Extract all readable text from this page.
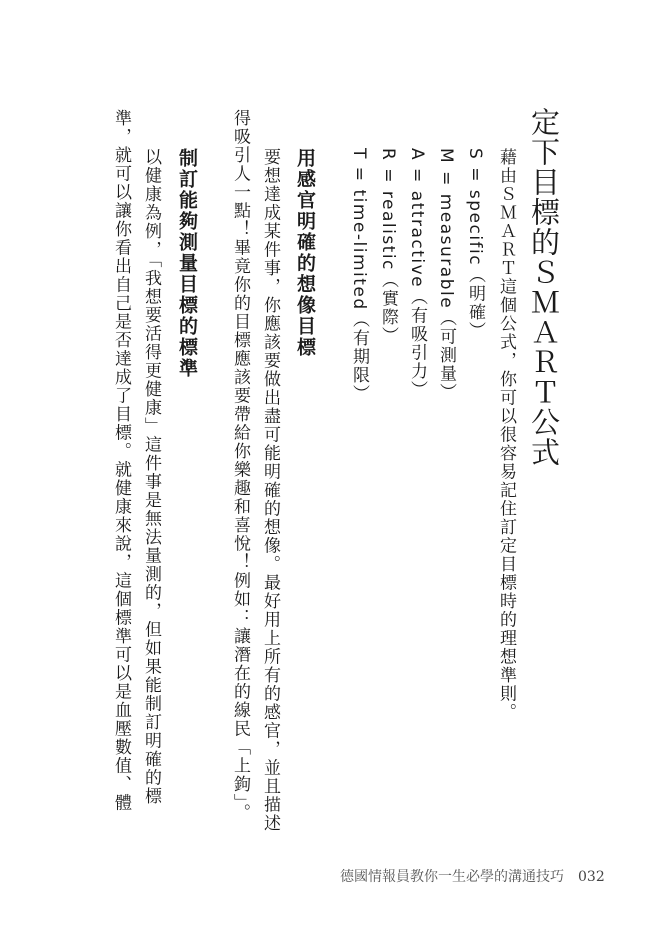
定下目標的ＳＭＡＲＴ公式
藉由ＳＭＡＲＴ這個公式，你可以很容易記住訂定目標時的理想準則。
S = specific（明確）
M = measurable（可測量）
A = attractive（有吸引力）
R = realistic（實際）
T = time-limited（有期限）
用感官明確的想像目標
要想達成某件事，你應該要做出盡可能明確的想像。最好用上所有的感官，並且描述
得吸引人一點！畢竟你的目標應該要帶給你樂趣和喜悅！例如：讓潛在的線民「上鉤」。
制訂能夠測量目標的標準
以健康為例，「我想要活得更健康」這件事是無法量測的，但如果能制訂明確的標
準，就可以讓你看出自己是否達成了目標。就健康來說，這個標準可以是血壓數值、體
德國情報員教你一生必學的溝通技巧 032
